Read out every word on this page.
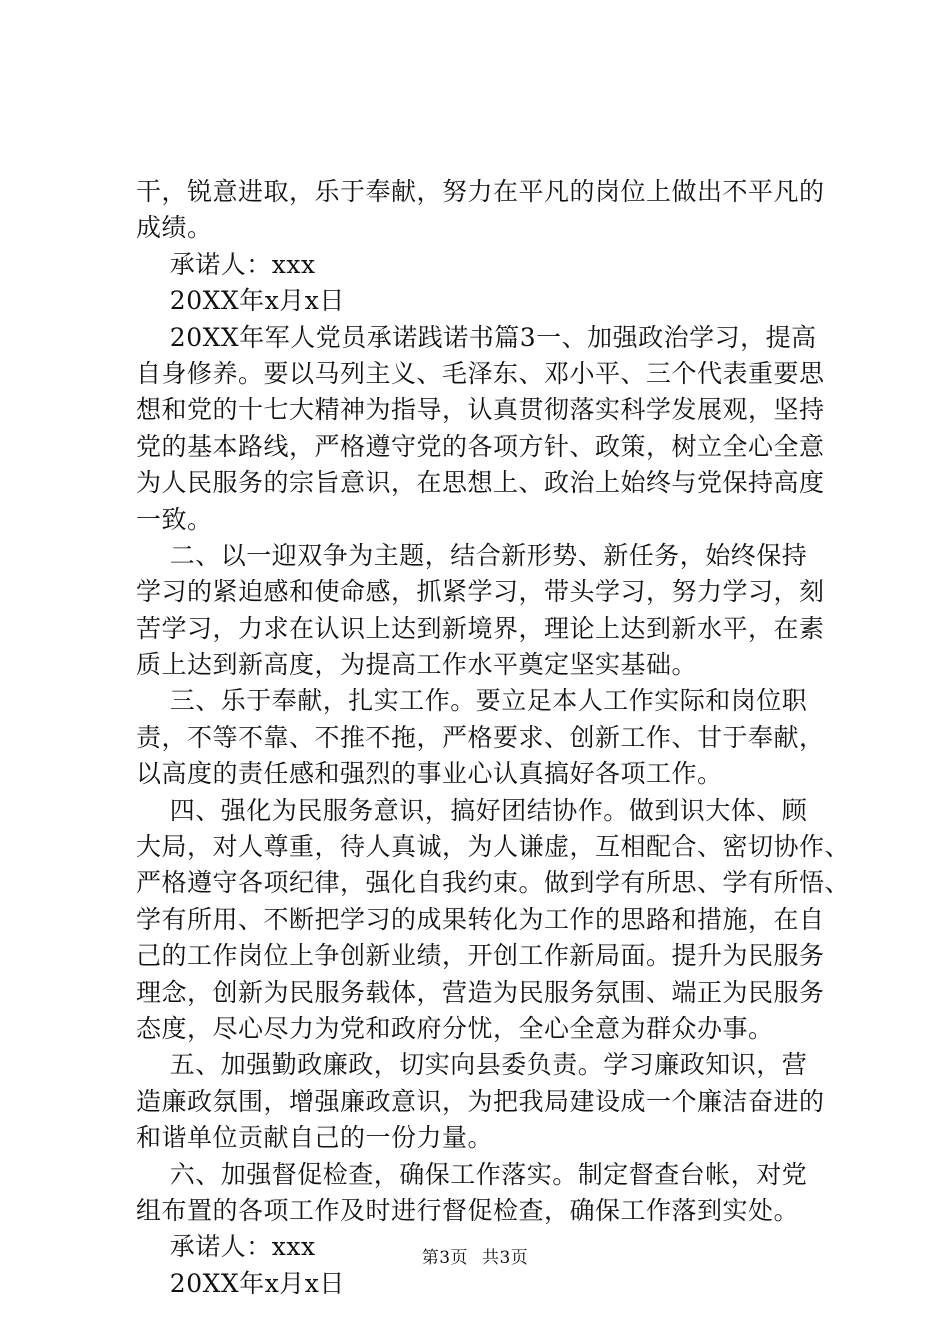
干，锐意进取，乐于奉献，努力在平凡的岗位上做出不平凡的
成绩。
承诺人：xxx
20XX年x月x日
20XX年军人党员承诺践诺书篇3一、加强政治学习，提高
自身修养。要以马列主义、毛泽东、邓小平、三个代表重要思
想和党的十七大精神为指导，认真贯彻落实科学发展观，坚持
党的基本路线，严格遵守党的各项方针、政策，树立全心全意
为人民服务的宗旨意识，在思想上、政治上始终与党保持高度
一致。
二、以一迎双争为主题，结合新形势、新任务，始终保持
学习的紧迫感和使命感，抓紧学习，带头学习，努力学习，刻
苦学习，力求在认识上达到新境界，理论上达到新水平，在素
质上达到新高度，为提高工作水平奠定坚实基础。
三、乐于奉献，扎实工作。要立足本人工作实际和岗位职
责，不等不靠、不推不拖，严格要求、创新工作、甘于奉献，
以高度的责任感和强烈的事业心认真搞好各项工作。
四、强化为民服务意识，搞好团结协作。做到识大体、顾
大局，对人尊重，待人真诚，为人谦虚，互相配合、密切协作、
严格遵守各项纪律，强化自我约束。做到学有所思、学有所悟、
学有所用、不断把学习的成果转化为工作的思路和措施，在自
己的工作岗位上争创新业绩，开创工作新局面。提升为民服务
理念，创新为民服务载体，营造为民服务氛围、端正为民服务
态度，尽心尽力为党和政府分忧，全心全意为群众办事。
五、加强勤政廉政，切实向县委负责。学习廉政知识，营
造廉政氛围，增强廉政意识，为把我局建设成一个廉洁奋进的
和谐单位贡献自己的一份力量。
六、加强督促检查，确保工作落实。制定督查台帐，对党
组布置的各项工作及时进行督促检查，确保工作落到实处。
承诺人：xxx
20XX年x月x日
第3页 共3页
